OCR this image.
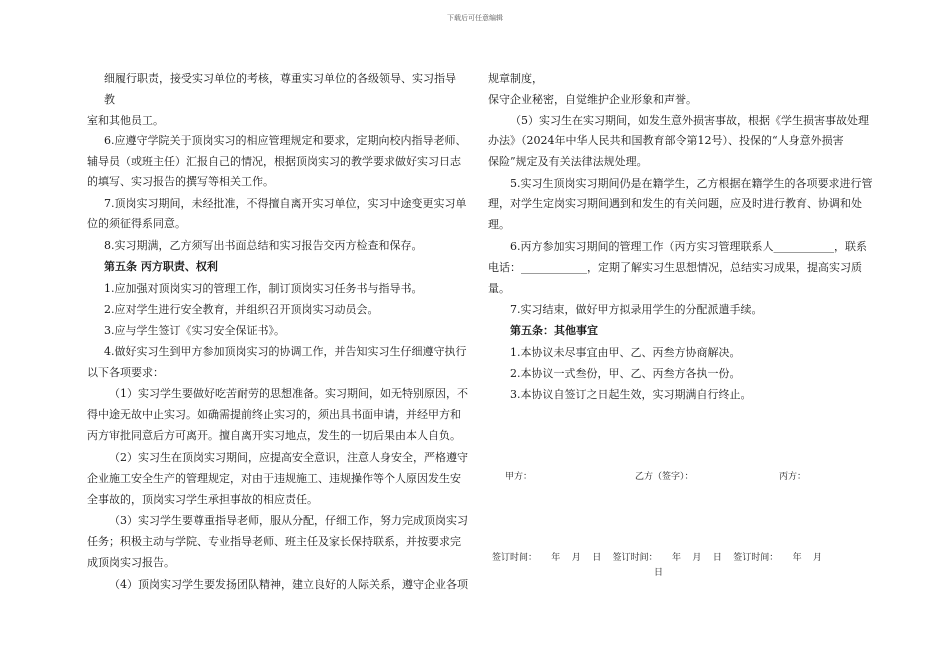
下载后可任意编辑
细履行职责，接受实习单位的考核，尊重实习单位的各级领导、实习指导
教
室和其他员工。
6.应遵守学院关于顶岗实习的相应管理规定和要求，定期向校内指导老师、
辅导员（或班主任）汇报自己的情况，根据顶岗实习的教学要求做好实习日志
的填写、实习报告的撰写等相关工作。
7.顶岗实习期间，未经批准，不得擅自离开实习单位，实习中途变更实习单
位的须征得系同意。
8.实习期满，乙方须写出书面总结和实习报告交丙方检查和保存。
第五条 丙方职责、权利
1.应加强对顶岗实习的管理工作，制订顶岗实习任务书与指导书。
2.应对学生进行安全教育，并组织召开顶岗实习动员会。
3.应与学生签订《实习安全保证书》。
4.做好实习生到甲方参加顶岗实习的协调工作，并告知实习生仔细遵守执行
以下各项要求：
（1）实习学生要做好吃苦耐劳的思想准备。实习期间，如无特别原因，不
得中途无故中止实习。如确需提前终止实习的，须出具书面申请，并经甲方和
丙方审批同意后方可离开。擅自离开实习地点，发生的一切后果由本人自负。
（2）实习生在顶岗实习期间，应提高安全意识，注意人身安全，严格遵守
企业施工安全生产的管理规定，对由于违规施工、违规操作等个人原因发生安
全事故的，顶岗实习学生承担事故的相应责任。
（3）实习学生要尊重指导老师，服从分配，仔细工作，努力完成顶岗实习
任务；积极主动与学院、专业指导老师、班主任及家长保持联系，并按要求完
成顶岗实习报告。
（4）顶岗实习学生要发扬团队精神，建立良好的人际关系，遵守企业各项
规章制度，
保守企业秘密，自觉维护企业形象和声誉。
（5）实习生在实习期间，如发生意外损害事故，根据《学生损害事故处理
办法》（2024年中华人民共和国教育部令第12号）、投保的“人身意外损害
保险”规定及有关法律法规处理。
5.实习生顶岗实习期间仍是在籍学生，乙方根据在籍学生的各项要求进行管
理，对学生定岗实习期间遇到和发生的有关问题，应及时进行教育、协调和处
理。
6.丙方参加实习期间的管理工作（丙方实习管理联系人___________，联系
电话：____________，定期了解实习生思想情况，总结实习成果，提高实习质
量。
7.实习结束，做好甲方拟录用学生的分配派遣手续。
第五条：其他事宜
1.本协议未尽事宜由甲、乙、丙叁方协商解决。
2.本协议一式叁份，甲、乙、丙叁方各执一份。
3.本协议自签订之日起生效，实习期满自行终止。
甲方：	乙方（签字）：	丙方：
签订时间：     年    月    日    签订时间：     年    月    日    签订时间：     年    月
日
